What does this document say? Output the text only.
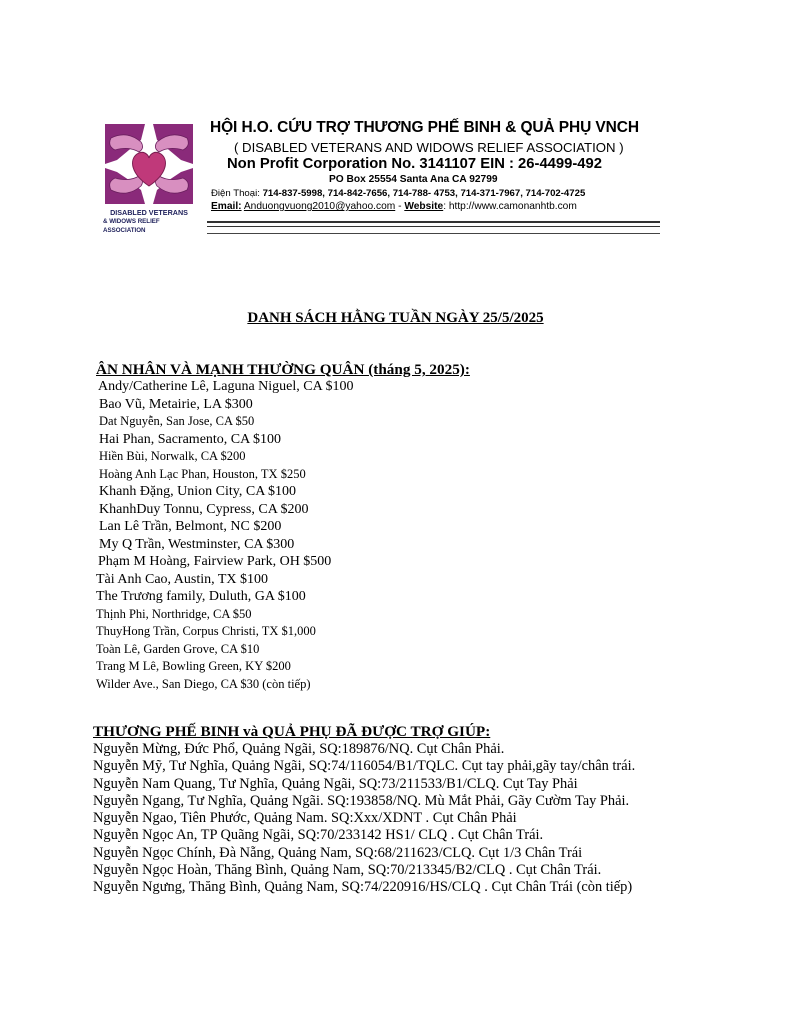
DISABLED VETERANS
& WIDOWS RELIEF ASSOCIATION
HỘI H.O. CỨU TRỢ THƯƠNG PHẾ BINH & QUẢ PHỤ VNCH
( DISABLED VETERANS AND WIDOWS RELIEF ASSOCIATION )
Non Profit Corporation No. 3141107 EIN : 26-4499-492
PO Box 25554 Santa Ana CA 92799
Điện Thoại: 714-837-5998, 714-842-7656, 714-788- 4753, 714-371-7967, 714-702-4725
Email: Anduongvuong2010@yahoo.com - Website: http://www.camonanhtb.com
DANH SÁCH HẰNG TUẦN NGÀY 25/5/2025
ÂN NHÂN VÀ MẠNH THƯỜNG QUÂN (tháng 5, 2025):
Andy/Catherine Lê, Laguna Niguel, CA $100
Bao Vũ, Metairie, LA $300
Dat Nguyễn, San Jose, CA $50
Hai Phan, Sacramento, CA $100
Hiền Bùi, Norwalk, CA $200
Hoàng Anh Lạc Phan, Houston, TX $250
Khanh Đặng, Union City, CA $100
KhanhDuy Tonnu, Cypress, CA $200
Lan Lê Trần, Belmont, NC $200
My Q Trần, Westminster, CA $300
Phạm M Hoàng, Fairview Park, OH $500
Tài Anh Cao, Austin, TX $100
The Trương family, Duluth, GA $100
Thịnh Phi, Northridge, CA $50
ThuyHong Trần, Corpus Christi, TX $1,000
Toàn Lê, Garden Grove, CA $10
Trang M Lê, Bowling Green, KY $200
Wilder Ave., San Diego, CA $30 (còn tiếp)
THƯƠNG PHẾ BINH và QUẢ PHỤ ĐÃ ĐƯỢC TRỢ GIÚP:
Nguyễn Mừng, Đức Phổ, Quảng Ngãi, SQ:189876/NQ. Cụt Chân Phải.
Nguyễn Mỹ, Tư Nghĩa, Quảng Ngãi, SQ:74/116054/B1/TQLC. Cụt tay phải,gãy tay/chân trái.
Nguyễn Nam Quang, Tư Nghĩa, Quảng Ngãi, SQ:73/211533/B1/CLQ. Cụt Tay Phải
Nguyễn Ngang, Tư Nghĩa, Quảng Ngãi. SQ:193858/NQ. Mù Mắt Phải, Gãy Cườm Tay Phải.
Nguyễn Ngao, Tiên Phước, Quảng Nam. SQ:Xxx/XDNT . Cụt Chân Phải
Nguyễn Ngọc An, TP Quãng Ngãi, SQ:70/233142 HS1/ CLQ . Cụt Chân Trái.
Nguyễn Ngọc Chính, Đà Nẵng, Quảng Nam, SQ:68/211623/CLQ. Cụt 1/3 Chân Trái
Nguyễn Ngọc Hoàn, Thăng Bình, Quảng Nam, SQ:70/213345/B2/CLQ . Cụt Chân Trái.
Nguyễn Ngưng, Thăng Bình, Quảng Nam, SQ:74/220916/HS/CLQ . Cụt Chân Trái (còn tiếp)
